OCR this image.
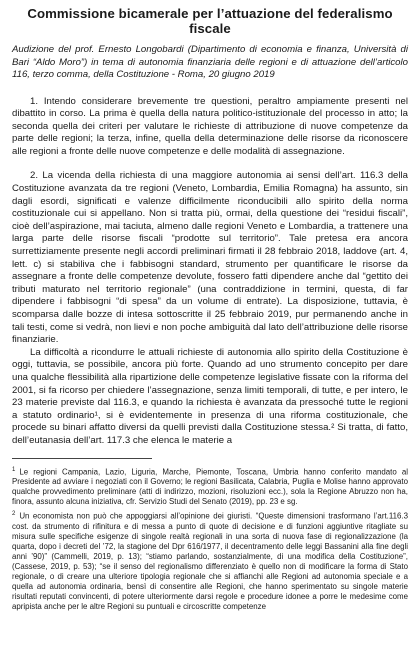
Commissione bicamerale per l’attuazione del federalismo fiscale
Audizione del prof. Ernesto Longobardi (Dipartimento di economia e finanza, Università di Bari “Aldo Moro”) in tema di autonomia finanziaria delle regioni e di attuazione dell’articolo 116, terzo comma, della Costituzione - Roma, 20 giugno 2019

1. Intendo considerare brevemente tre questioni, peraltro ampiamente presenti nel dibattito in corso. La prima è quella della natura politico-istituzionale del processo in atto; la seconda quella dei criteri per valutare le richieste di attribuzione di nuove competenze da parte delle regioni; la terza, infine, quella della determinazione delle risorse da riconoscere alle regioni a fronte delle nuove competenze e delle modalità di assegnazione.

2. La vicenda della richiesta di una maggiore autonomia ai sensi dell’art. 116.3 della Costituzione avanzata da tre regioni (Veneto, Lombardia, Emilia Romagna) ha assunto, sin dagli esordi, significati e valenze difficilmente riconducibili allo spirito della norma costituzionale cui si appellano. Non si tratta più, ormai, della questione dei “residui fiscali”, cioè dell’aspirazione, mai taciuta, almeno dalle regioni Veneto e Lombardia, a trattenere una larga parte delle risorse fiscali “prodotte sul territorio”. Tale pretesa era ancora surrettiziamente presente negli accordi preliminari firmati il 28 febbraio 2018, laddove (art. 4, lett. c) si stabiliva che i fabbisogni standard, strumento per quantificare le risorse da assegnare a fronte delle competenze devolute, fossero fatti dipendere anche dal “gettito dei tributi maturato nel territorio regionale” (una contraddizione in termini, questa, di far dipendere i fabbisogni “di spesa” da un volume di entrate). La disposizione, tuttavia, è scomparsa dalle bozze di intesa sottoscritte il 25 febbraio 2019, pur permanendo anche in tali testi, come si vedrà, non lievi e non poche ambiguità dal lato dell’attribuzione delle risorse finanziarie.

La difficoltà a ricondurre le attuali richieste di autonomia allo spirito della Costituzione è oggi, tuttavia, se possibile, ancora più forte. Quando ad uno strumento concepito per dare una qualche flessibilità alla ripartizione delle competenze legislative fissate con la riforma del 2001, si fa ricorso per chiedere l’assegnazione, senza limiti temporali, di tutte, e per intero, le 23 materie previste dal 116.3, e quando la richiesta è avanzata da pressoché tutte le regioni a statuto ordinario¹, si è evidentemente in presenza di una riforma costituzionale, che procede su binari affatto diversi da quelli previsti dalla Costituzione stessa.² Si tratta, di fatto, dell’eutanasia dell’art. 117.3 che elenca le materie a

$^1$ Le regioni Campania, Lazio, Liguria, Marche, Piemonte, Toscana, Umbria hanno conferito mandato al Presidente ad avviare i negoziati con il Governo; le regioni Basilicata, Calabria, Puglia e Molise hanno approvato qualche provvedimento preliminare (atti di indirizzo, mozioni, risoluzioni ecc.), sola la Regione Abruzzo non ha, finora, assunto alcuna iniziativa, cfr. Servizio Studi del Senato (2019), pp. 23 e sg.

$^2$ Un economista non può che appoggiarsi all’opinione dei giuristi. “Queste dimensioni trasformano l’art.116.3 cost. da strumento di rifinitura e di messa a punto di quote di decisione e di funzioni aggiuntive ritagliate su misura sulle specifiche esigenze di singole realtà regionali in una sorta di nuova fase di regionalizzazione (la quarta, dopo i decreti del ’72, la stagione del Dpr 616/1977, il decentramento delle leggi Bassanini alla fine degli anni ’90)” (Cammelli, 2019, p. 13); “stiamo parlando, sostanzialmente, di una modifica della Costituzione”, (Cassese, 2019, p. 53); “se il senso del regionalismo differenziato è quello non di modificare la forma di Stato regionale, o di creare una ulteriore tipologia regionale che si affianchi alle Regioni ad autonomia speciale e a quella ad autonomia ordinaria, bensì di consentire alle Regioni, che hanno sperimentato su singole materie risultati reputati convincenti, di potere ulteriormente darsi regole e procedure idonee a porre le medesime come apripista anche per le altre Regioni su puntuali e circoscritte competenze
